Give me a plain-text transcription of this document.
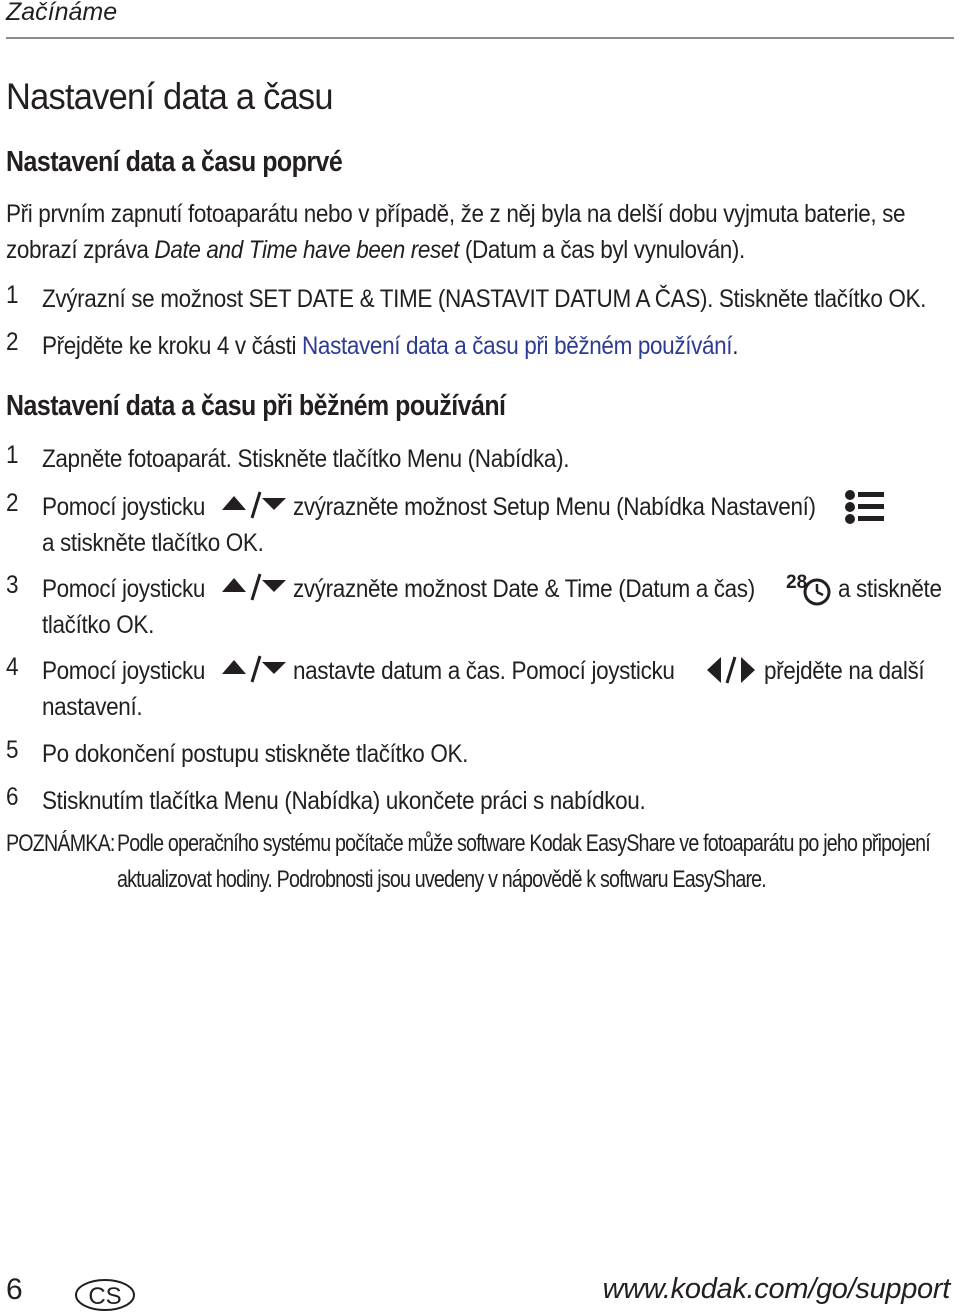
Začínáme
Nastavení data a času
Nastavení data a času poprvé
Při prvním zapnutí fotoaparátu nebo v případě, že z něj byla na delší dobu vyjmuta baterie, se
zobrazí zpráva Date and Time have been reset (Datum a čas byl vynulován).
1 Zvýrazní se možnost SET DATE & TIME (NASTAVIT DATUM A ČAS). Stiskněte tlačítko OK.
2 Přejděte ke kroku 4 v části Nastavení data a času při běžném používání.
Nastavení data a času při běžném používání
1 Zapněte fotoaparát. Stiskněte tlačítko Menu (Nabídka).
2 Pomocí joysticku	zvýrazněte možnost Setup Menu (Nabídka Nastavení)
a stiskněte tlačítko OK.
3 Pomocí joysticku	zvýrazněte možnost Date & Time (Datum a čas) 28 a stiskněte
tlačítko OK.
4 Pomocí joysticku	nastavte datum a čas. Pomocí joysticku	přejděte na další
nastavení.
5 Po dokončení postupu stiskněte tlačítko OK.
6 Stisknutím tlačítka Menu (Nabídka) ukončete práci s nabídkou.
POZNÁMKA: Podle operačního systému počítače může software Kodak EasyShare ve fotoaparátu po jeho připojení
aktualizovat hodiny. Podrobnosti jsou uvedeny v nápovědě k softwaru EasyShare.
6	CS	www.kodak.com/go/support
